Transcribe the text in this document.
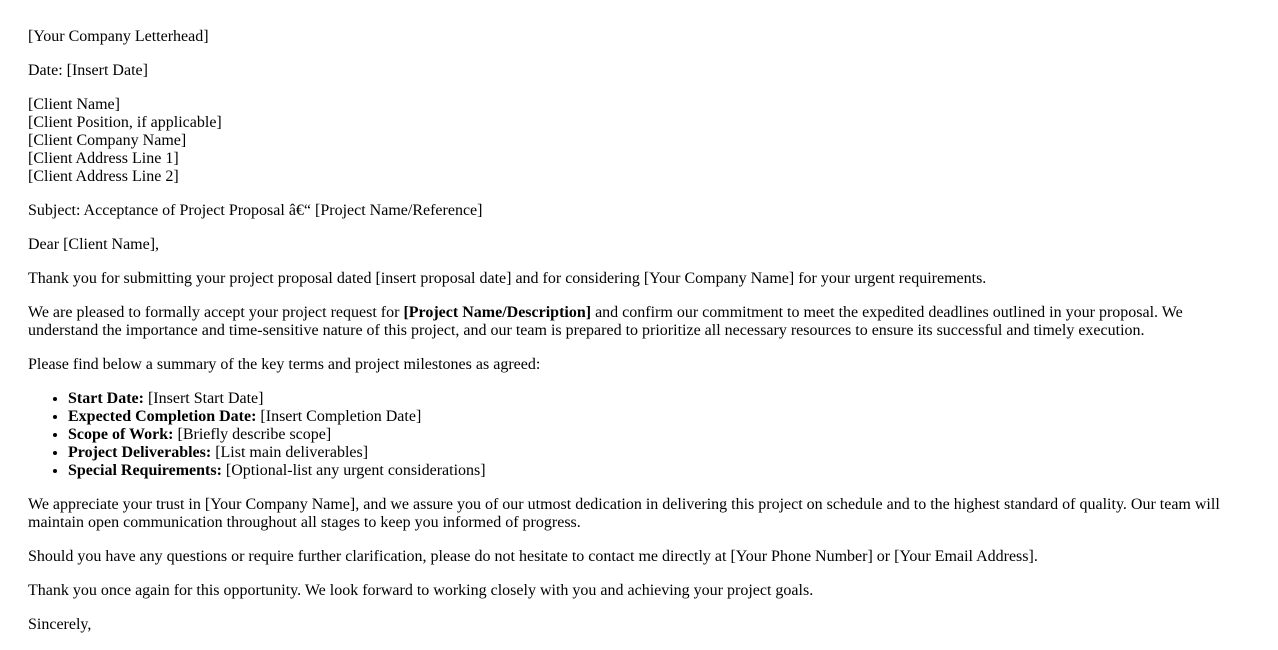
[Your Company Letterhead]

Date: [Insert Date]

[Client Name]
[Client Position, if applicable]
[Client Company Name]
[Client Address Line 1]
[Client Address Line 2]

Subject: Acceptance of Project Proposal â€“ [Project Name/Reference]

Dear [Client Name],

Thank you for submitting your project proposal dated [insert proposal date] and for considering [Your Company Name] for your urgent requirements.

We are pleased to formally accept your project request for [Project Name/Description] and confirm our commitment to meet the expedited deadlines outlined in your proposal. We understand the importance and time-sensitive nature of this project, and our team is prepared to prioritize all necessary resources to ensure its successful and timely execution.

Please find below a summary of the key terms and project milestones as agreed:

• Start Date: [Insert Start Date]
• Expected Completion Date: [Insert Completion Date]
• Scope of Work: [Briefly describe scope]
• Project Deliverables: [List main deliverables]
• Special Requirements: [Optional-list any urgent considerations]

We appreciate your trust in [Your Company Name], and we assure you of our utmost dedication in delivering this project on schedule and to the highest standard of quality. Our team will maintain open communication throughout all stages to keep you informed of progress.

Should you have any questions or require further clarification, please do not hesitate to contact me directly at [Your Phone Number] or [Your Email Address].

Thank you once again for this opportunity. We look forward to working closely with you and achieving your project goals.

Sincerely,
